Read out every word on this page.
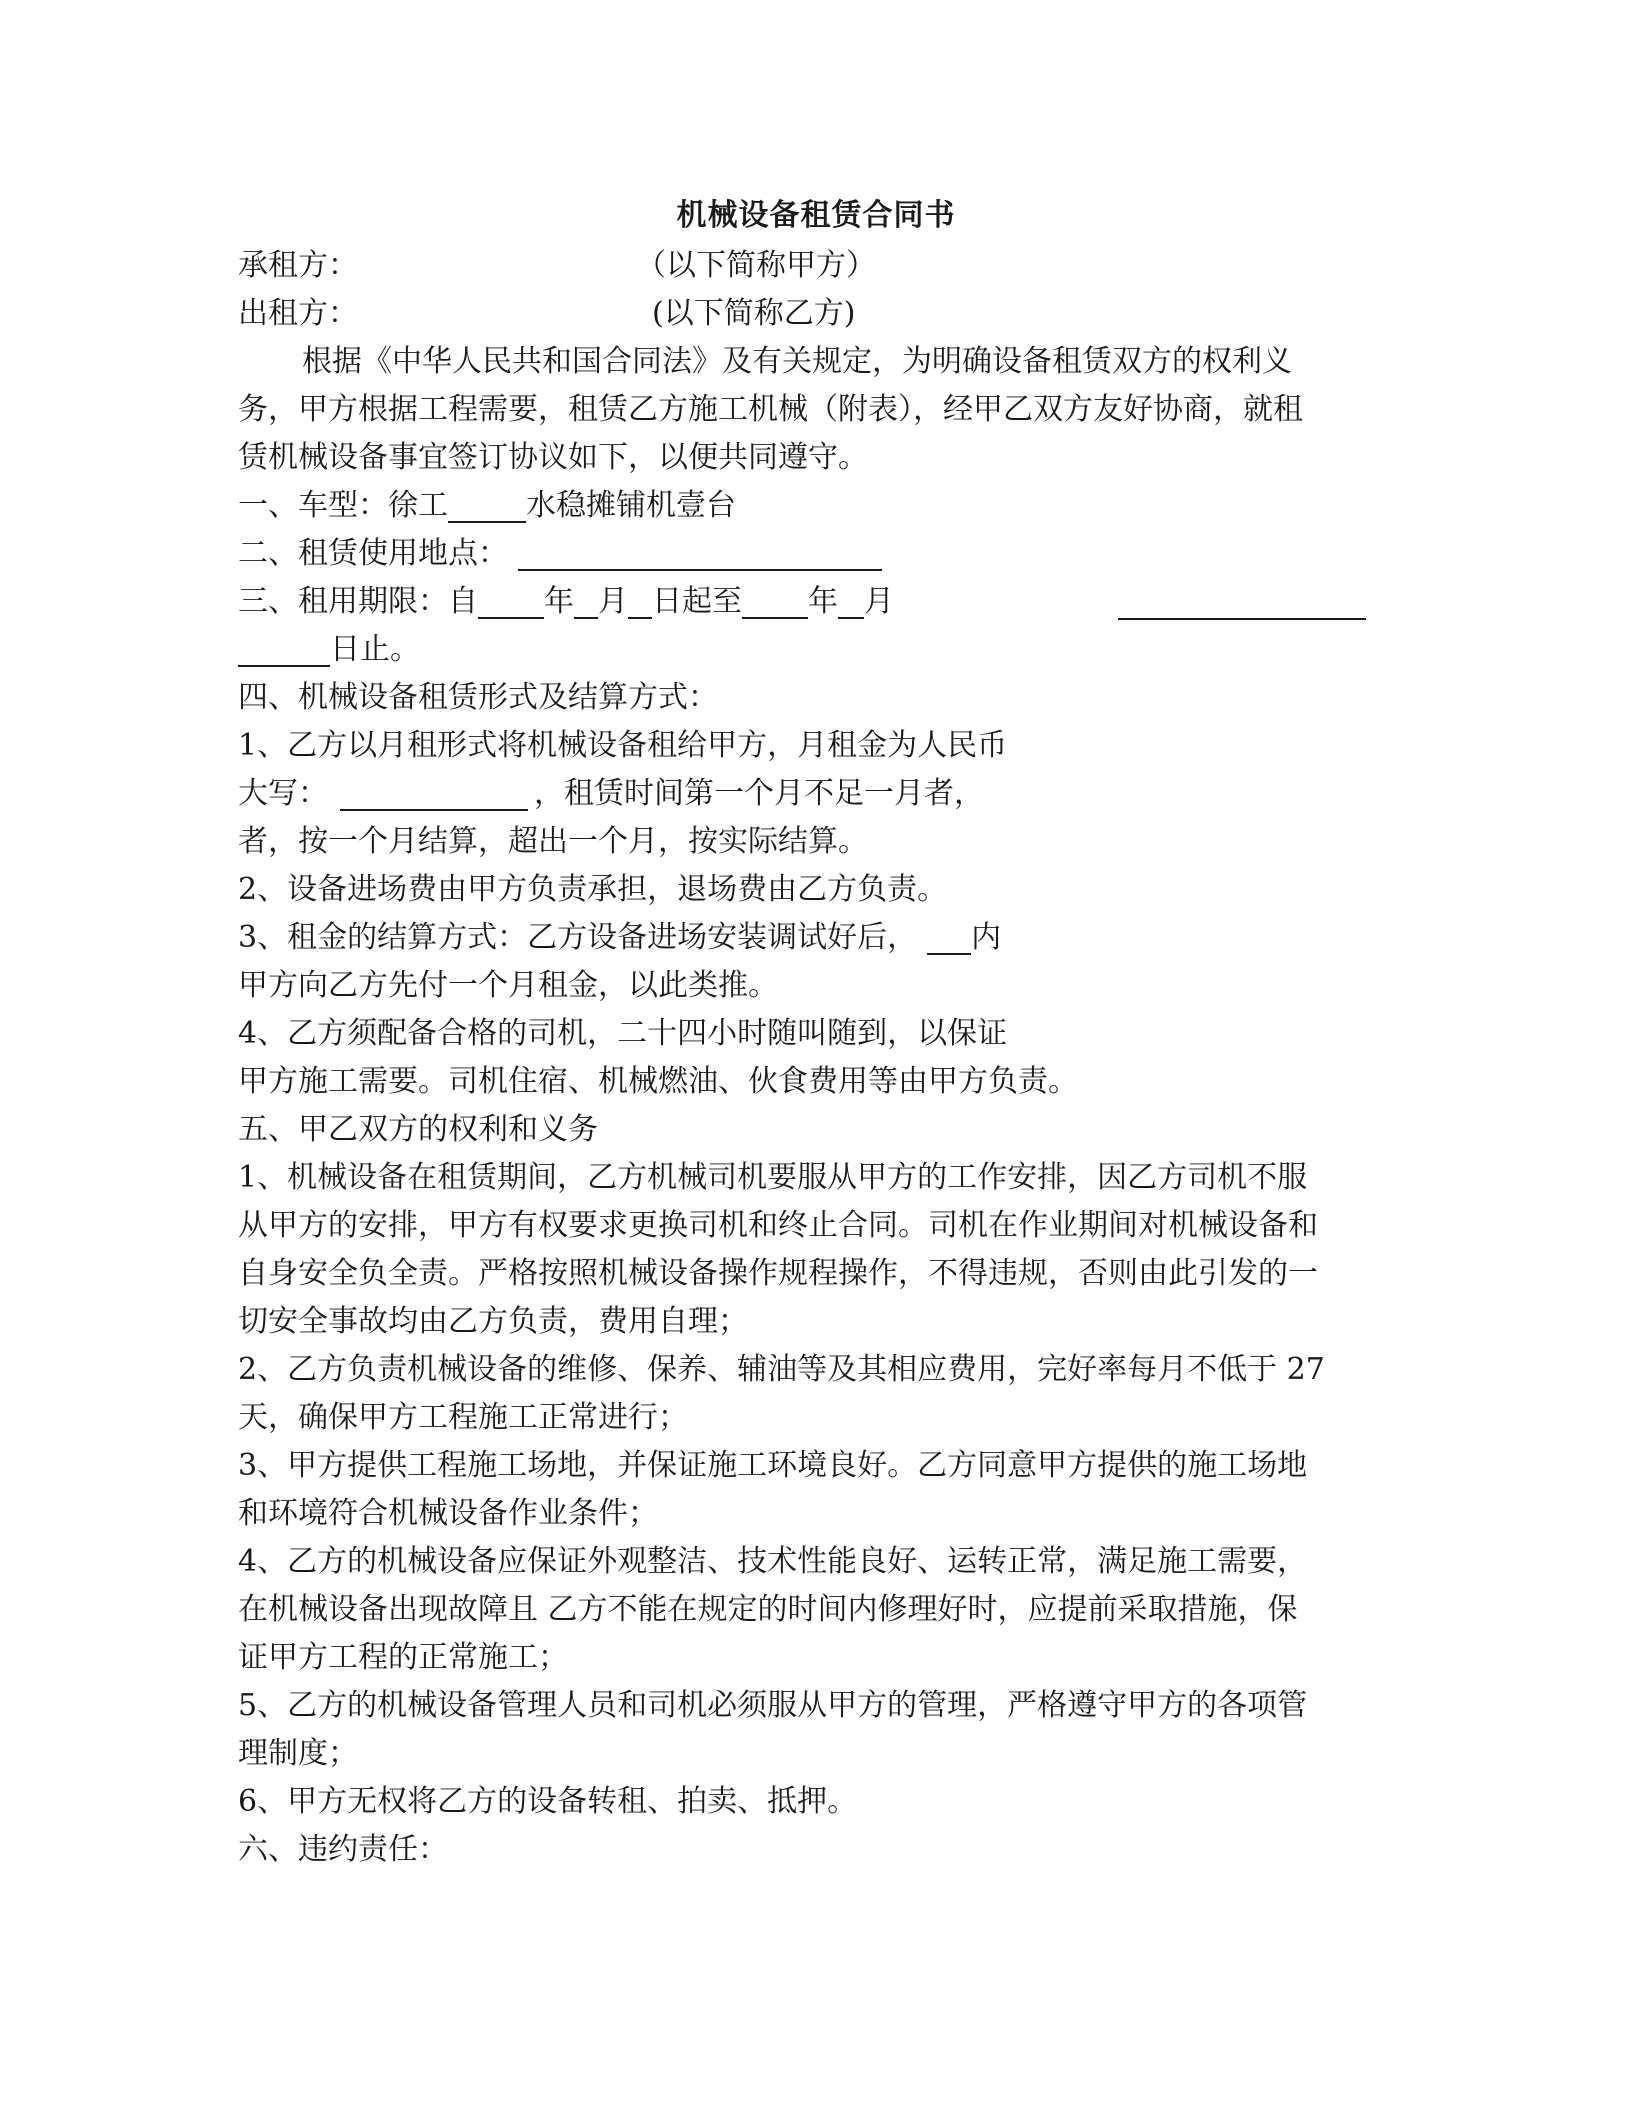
机械设备租赁合同书
承租方：	（以下简称甲方）
出租方：	(以下简称乙方)
根据《中华人民共和国合同法》及有关规定，为明确设备租赁双方的权利义
务，甲方根据工程需要，租赁乙方施工机械（附表），经甲乙双方友好协商，就租
赁机械设备事宜签订协议如下，以便共同遵守。
一、车型：徐工	水稳摊铺机壹台
二、租赁使用地点：
三、租用期限：自 年 月 日起至 年 月
日止。
四、机械设备租赁形式及结算方式：
1、乙方以月租形式将机械设备租给甲方，月租金为人民币
大写：	，租赁时间第一个月不足一月者，
者，按一个月结算，超出一个月，按实际结算。
2、设备进场费由甲方负责承担，退场费由乙方负责。
3、租金的结算方式：乙方设备进场安装调试好后， 内
甲方向乙方先付一个月租金，以此类推。
4、乙方须配备合格的司机，二十四小时随叫随到，以保证
甲方施工需要。司机住宿、机械燃油、伙食费用等由甲方负责。
五、甲乙双方的权利和义务
1、机械设备在租赁期间，乙方机械司机要服从甲方的工作安排，因乙方司机不服
从甲方的安排，甲方有权要求更换司机和终止合同。司机在作业期间对机械设备和
自身安全负全责。严格按照机械设备操作规程操作，不得违规，否则由此引发的一
切安全事故均由乙方负责，费用自理；
2、乙方负责机械设备的维修、保养、辅油等及其相应费用，完好率每月不低于 27
天，确保甲方工程施工正常进行；
3、甲方提供工程施工场地，并保证施工环境良好。乙方同意甲方提供的施工场地
和环境符合机械设备作业条件；
4、乙方的机械设备应保证外观整洁、技术性能良好、运转正常，满足施工需要，
在机械设备出现故障且 乙方不能在规定的时间内修理好时，应提前采取措施，保
证甲方工程的正常施工；
5、乙方的机械设备管理人员和司机必须服从甲方的管理，严格遵守甲方的各项管
理制度；
6、甲方无权将乙方的设备转租、拍卖、抵押。
六、违约责任：
